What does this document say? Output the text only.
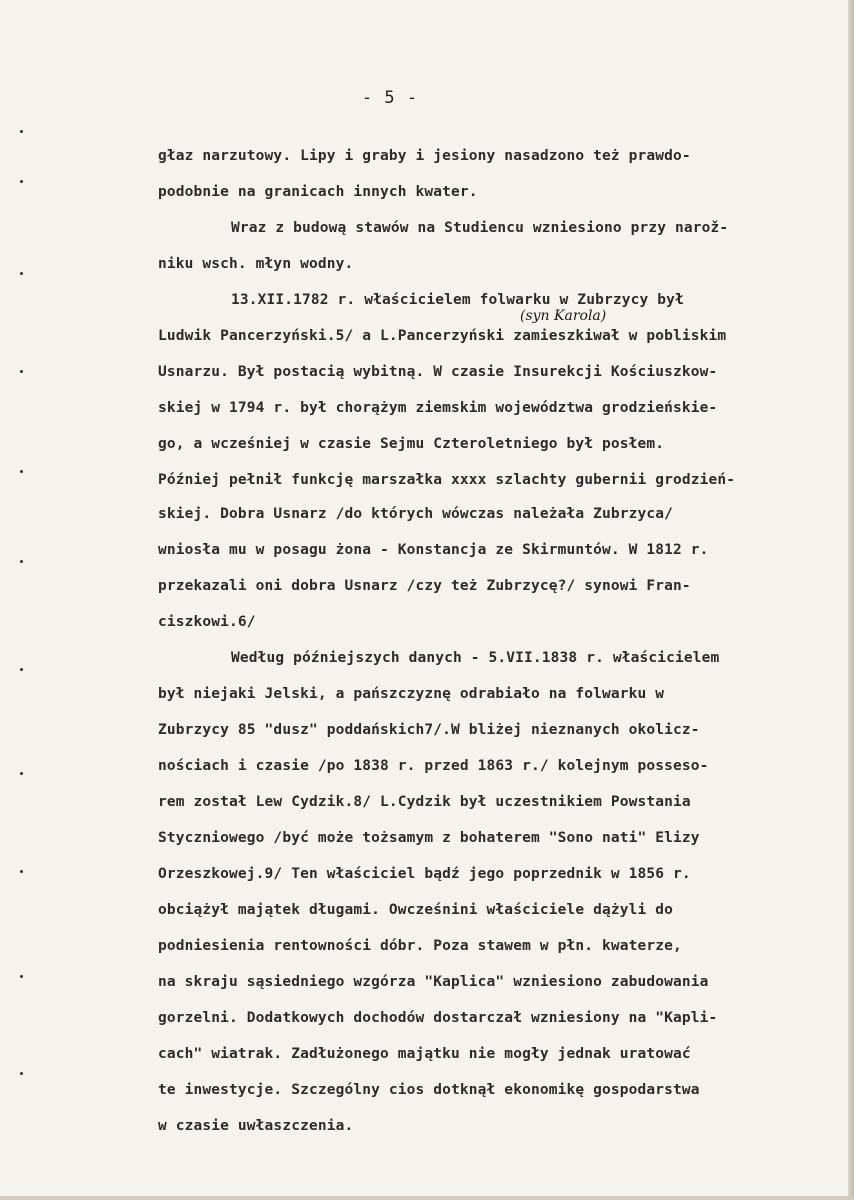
- 5 -
głaz narzutowy. Lipy i graby i jesiony nasadzono też prawdo-
podobnie na granicach innych kwater.
Wraz z budową stawów na Studiencu wzniesiono przy narož-
niku wsch. młyn wodny.
13.XII.1782 r. właścicielem folwarku w Zubrzycy był
Ludwik Pancerzyński.5/ a L.Pancerzyński zamieszkiwał w pobliskim
Usnarzu. Był postacią wybitną. W czasie Insurekcji Kościuszkow-
skiej w 1794 r. był chorążym ziemskim województwa grodzieńskie-
go, a wcześniej w czasie Sejmu Czteroletniego był posłem.
Później pełnił funkcję marszałka xxxx szlachty gubernii grodzień-
skiej. Dobra Usnarz /do których wówczas należała Zubrzyca/
wniosła mu w posagu żona - Konstancja ze Skirmuntów. W 1812 r.
przekazali oni dobra Usnarz /czy też Zubrzycę?/ synowi Fran-
ciszkowi.6/
Według późniejszych danych - 5.VII.1838 r. właścicielem
był niejaki Jelski, a pańszczyznę odrabiało na folwarku w
Zubrzycy 85 "dusz" poddańskich7/.W bliżej nieznanych okolicz-
nościach i czasie /po 1838 r. przed 1863 r./ kolejnym posseso-
rem został Lew Cydzik.8/ L.Cydzik był uczestnikiem Powstania
Styczniowego /być może tożsamym z bohaterem "Sono nati" Elizy
Orzeszkowej.9/ Ten właściciel bądź jego poprzednik w 1856 r.
obciążył majątek długami. Owcześnini właściciele dążyli do
podniesienia rentowności dóbr. Poza stawem w płn. kwaterze,
na skraju sąsiedniego wzgórza "Kaplica" wzniesiono zabudowania
gorzelni. Dodatkowych dochodów dostarczał wzniesiony na "Kapli-
cach" wiatrak. Zadłużonego majątku nie mogły jednak uratować
te inwestycje. Szczególny cios dotknął ekonomikę gospodarstwa
w czasie uwłaszczenia.
(syn Karola)
